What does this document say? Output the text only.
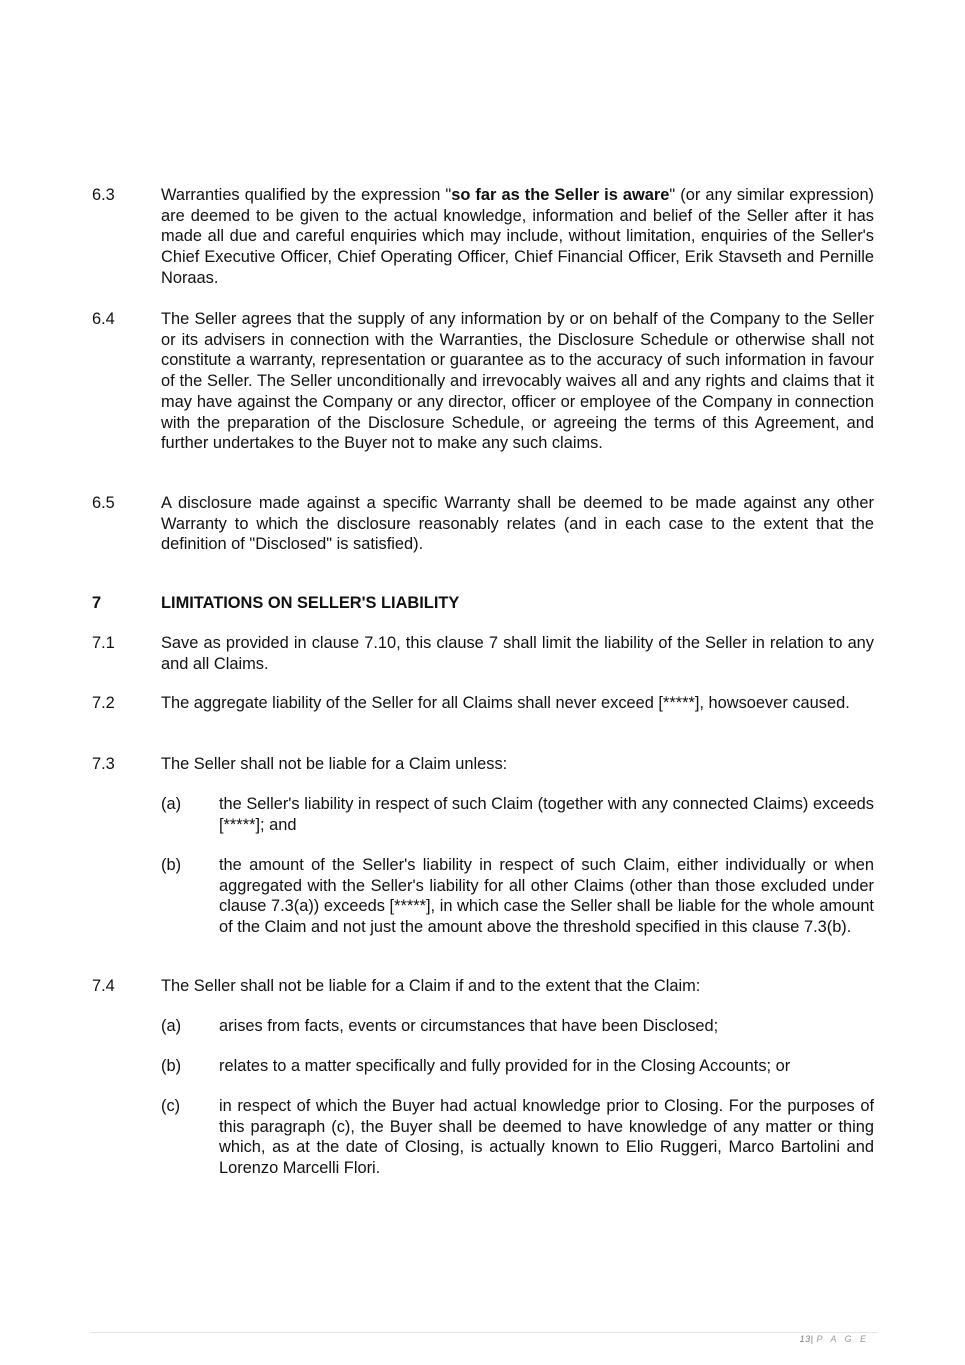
6.3	Warranties qualified by the expression "so far as the Seller is aware" (or any similar expression) are deemed to be given to the actual knowledge, information and belief of the Seller after it has made all due and careful enquiries which may include, without limitation, enquiries of the Seller's Chief Executive Officer, Chief Operating Officer, Chief Financial Officer, Erik Stavseth and Pernille Noraas.
6.4	The Seller agrees that the supply of any information by or on behalf of the Company to the Seller or its advisers in connection with the Warranties, the Disclosure Schedule or otherwise shall not constitute a warranty, representation or guarantee as to the accuracy of such information in favour of the Seller. The Seller unconditionally and irrevocably waives all and any rights and claims that it may have against the Company or any director, officer or employee of the Company in connection with the preparation of the Disclosure Schedule, or agreeing the terms of this Agreement, and further undertakes to the Buyer not to make any such claims.
6.5	A disclosure made against a specific Warranty shall be deemed to be made against any other Warranty to which the disclosure reasonably relates (and in each case to the extent that the definition of "Disclosed" is satisfied).
7	LIMITATIONS ON SELLER'S LIABILITY
7.1	Save as provided in clause 7.10, this clause 7 shall limit the liability of the Seller in relation to any and all Claims.
7.2	The aggregate liability of the Seller for all Claims shall never exceed [*****], howsoever caused.
7.3	The Seller shall not be liable for a Claim unless:
(a) the Seller's liability in respect of such Claim (together with any connected Claims) exceeds [*****]; and
(b) the amount of the Seller's liability in respect of such Claim, either individually or when aggregated with the Seller's liability for all other Claims (other than those excluded under clause 7.3(a)) exceeds [*****], in which case the Seller shall be liable for the whole amount of the Claim and not just the amount above the threshold specified in this clause 7.3(b).
7.4	The Seller shall not be liable for a Claim if and to the extent that the Claim:
(a) arises from facts, events or circumstances that have been Disclosed;
(b) relates to a matter specifically and fully provided for in the Closing Accounts; or
(c) in respect of which the Buyer had actual knowledge prior to Closing. For the purposes of this paragraph (c), the Buyer shall be deemed to have knowledge of any matter or thing which, as at the date of Closing, is actually known to Elio Ruggeri, Marco Bartolini and Lorenzo Marcelli Flori.
13| P A G E
